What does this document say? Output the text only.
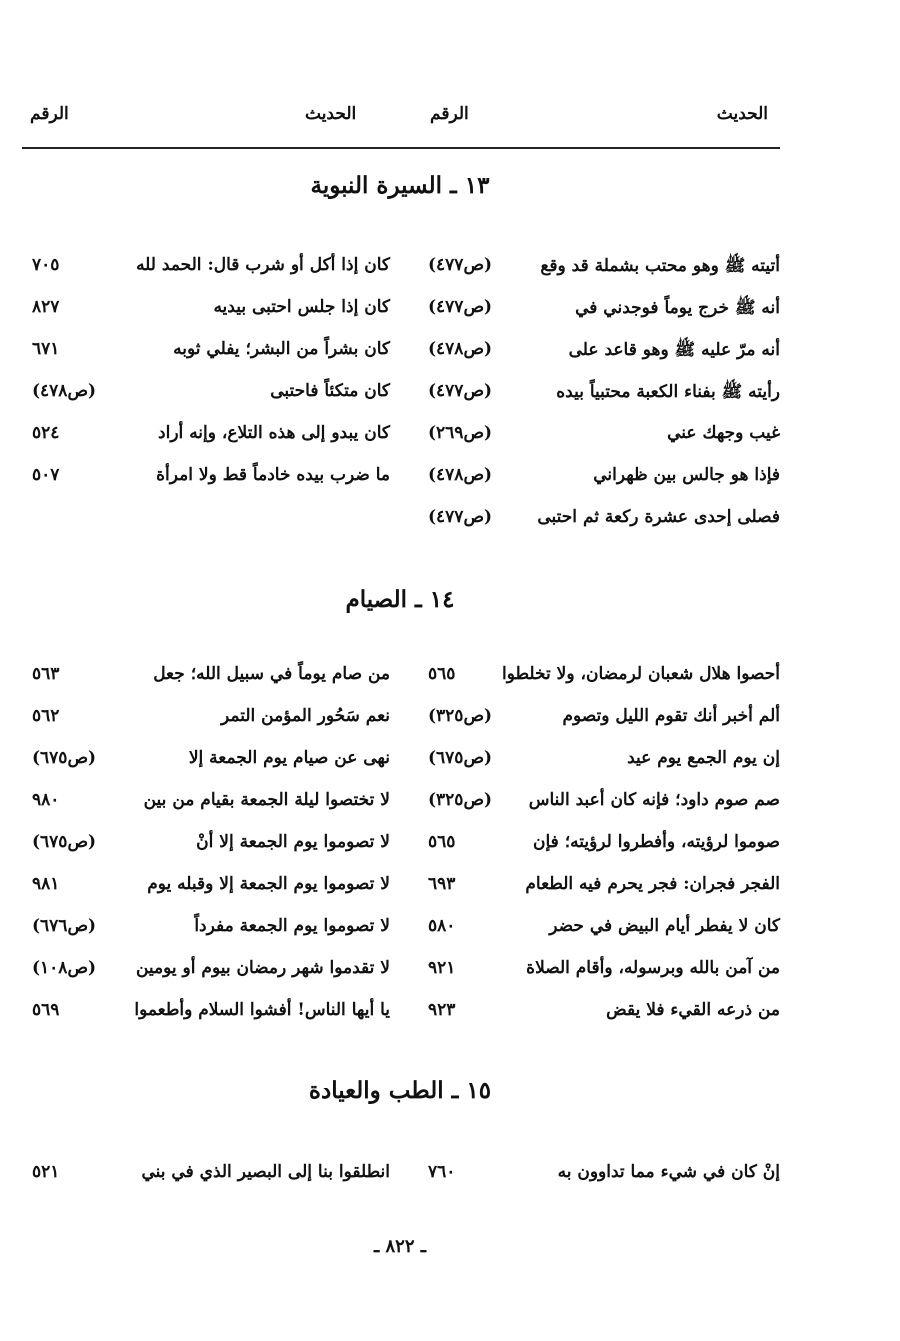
الحديث
الرقم
الحديث
الرقم
١٣ ـ السيرة النبوية
أتيته ﷺ وهو محتب بشملة قد وقع
(ص٤٧٧)
أنه ﷺ خرج يوماً فوجدني في
(ص٤٧٧)
أنه مرّ عليه ﷺ وهو قاعد على
(ص٤٧٨)
رأيته ﷺ بفناء الكعبة محتبياً بيده
(ص٤٧٧)
غيب وجهك عني
(ص٢٦٩)
فإذا هو جالس بين ظهراني
(ص٤٧٨)
فصلى إحدى عشرة ركعة ثم احتبى
(ص٤٧٧)
كان إذا أكل أو شرب قال: الحمد لله
٧٠٥
كان إذا جلس احتبى بيديه
٨٢٧
كان بشراً من البشر؛ يفلي ثوبه
٦٧١
كان متكئاً فاحتبى
(ص٤٧٨)
كان يبدو إلى هذه التلاع، وإنه أراد
٥٢٤
ما ضرب بيده خادماً قط ولا امرأة
٥٠٧
١٤ ـ الصيام
أحصوا هلال شعبان لرمضان، ولا تخلطوا
٥٦٥
ألم أخبر أنك تقوم الليل وتصوم
(ص٣٢٥)
إن يوم الجمع يوم عيد
(ص٦٧٥)
صم صوم داود؛ فإنه كان أعبد الناس
(ص٣٢٥)
صوموا لرؤيته، وأفطروا لرؤيته؛ فإن
٥٦٥
الفجر فجران: فجر يحرم فيه الطعام
٦٩٣
كان لا يفطر أيام البيض في حضر
٥٨٠
من آمن بالله وبرسوله، وأقام الصلاة
٩٢١
من ذرعه القيء فلا يقض
٩٢٣
من صام يوماً في سبيل الله؛ جعل
٥٦٣
نعم سَحُور المؤمن التمر
٥٦٢
نهى عن صيام يوم الجمعة إلا
(ص٦٧٥)
لا تختصوا ليلة الجمعة بقيام من بين
٩٨٠
لا تصوموا يوم الجمعة إلا أنْ
(ص٦٧٥)
لا تصوموا يوم الجمعة إلا وقبله يوم
٩٨١
لا تصوموا يوم الجمعة مفرداً
(ص٦٧٦)
لا تقدموا شهر رمضان بيوم أو يومين
(ص١٠٨)
يا أيها الناس! أفشوا السلام وأطعموا
٥٦٩
١٥ ـ الطب والعيادة
إنْ كان في شيء مما تداوون به
٧٦٠
انطلقوا بنا إلى البصير الذي في بني
٥٢١
ـ ٨٢٢ ـ
